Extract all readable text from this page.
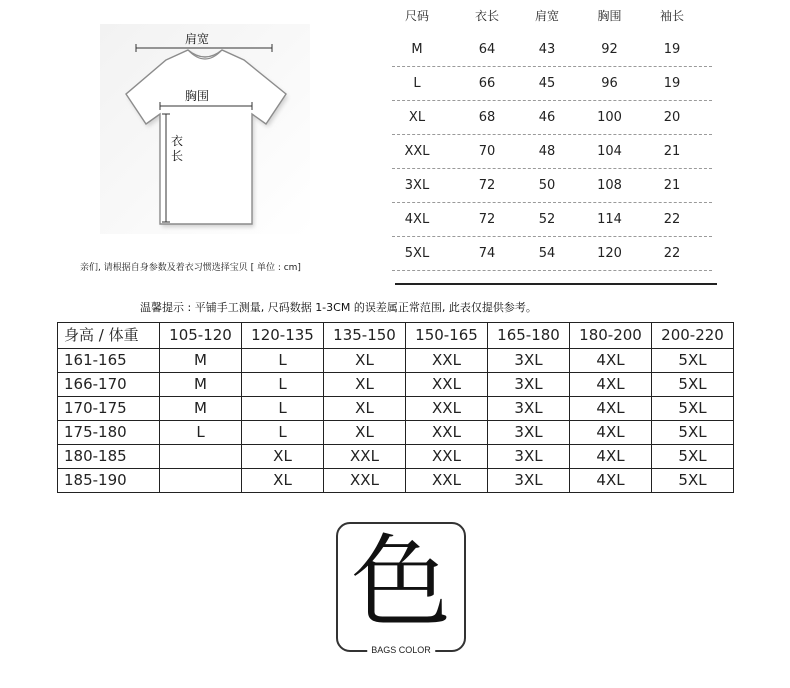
肩宽
胸围
衣
长
尺码	衣长	肩宽	胸围	袖长
M	64	43	92	19
L	66	45	96	19
XL	68	46	100	20
XXL	70	48	104	21
3XL	72	50	108	21
4XL	72	52	114	22
5XL	74	54	120	22
亲们, 请根据自身参数及着衣习惯选择宝贝 [ 单位 : cm]
温馨提示 : 平铺手工测量, 尺码数据 1-3CM 的误差属正常范围, 此表仅提供参考。
身高 / 体重	105-120	120-135	135-150	150-165	165-180	180-200	200-220
161-165	M	L	XL	XXL	3XL	4XL	5XL
166-170	M	L	XL	XXL	3XL	4XL	5XL
170-175	M	L	XL	XXL	3XL	4XL	5XL
175-180	L	L	XL	XXL	3XL	4XL	5XL
180-185		XL	XXL	XXL	3XL	4XL	5XL
185-190		XL	XXL	XXL	3XL	4XL	5XL
色
BAGS COLOR
